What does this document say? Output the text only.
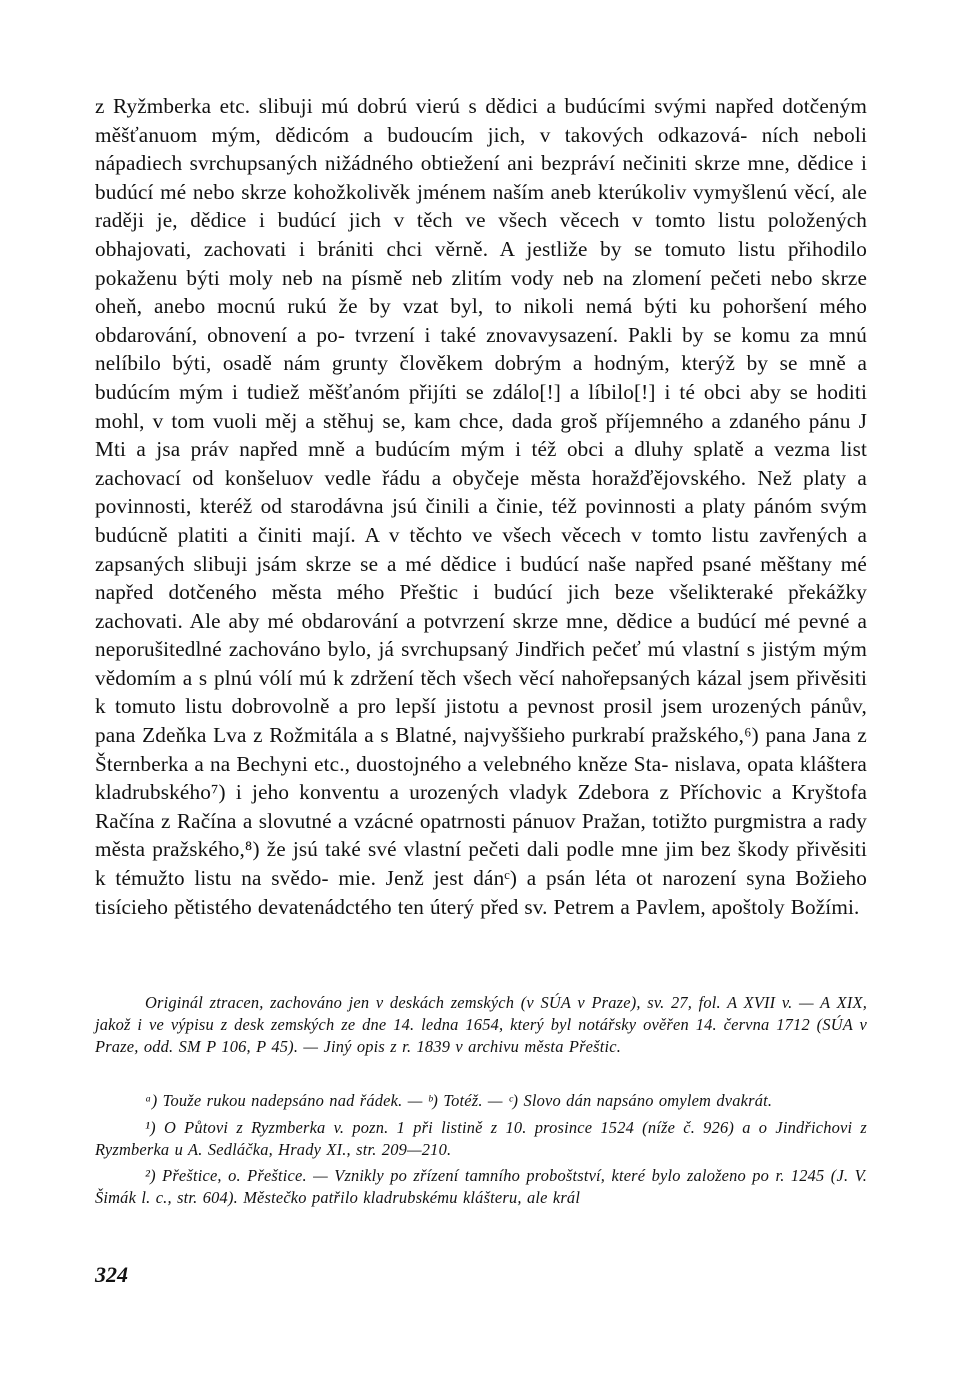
z Ryžmberka etc. slibuji mú dobrú vierú s dědici a budúcími svými napřed dotčeným měšťanuom mým, dědicóm a budoucím jich, v takových odkazová- ních neboli nápadiech svrchupsaných nižádného obtiežení ani bezpráví nečiniti skrze mne, dědice i budúcí mé nebo skrze kohožkolivěk jménem naším aneb kterúkoliv vymyšlenú věcí, ale raději je, dědice i budúcí jich v těch ve všech věcech v tomto listu položených obhajovati, zachovati i brániti chci věrně. A jestliže by se tomuto listu přihodilo pokaženu býti moly neb na písmě neb zlitím vody neb na zlomení pečeti nebo skrze oheň, anebo mocnú rukú že by vzat byl, to nikoli nemá býti ku pohoršení mého obdarování, obnovení a po- tvrzení i také znovavysazení. Pakli by se komu za mnú nelíbilo býti, osadě nám grunty člověkem dobrým a hodným, kterýž by se mně a budúcím mým i tudiež měšťanóm přijíti se zdálo[!] a líbilo[!] i té obci aby se hoditi mohl, v tom vuoli měj a stěhuj se, kam chce, dada groš příjemného a zdaného pánu J Mti a jsa práv napřed mně a budúcím mým i též obci a dluhy splatě a vezma list zachovací od konšeluov vedle řádu a obyčeje města horažďějovského. Než platy a povinnosti, kteréž od starodávna jsú činili a činie, též povinnosti a platy pánóm svým budúcně platiti a činiti mají. A v těchto ve všech věcech v tomto listu zavřených a zapsaných slibuji jsám skrze se a mé dědice i budúcí naše napřed psané měštany mé napřed dotčeného města mého Přeštic i budúcí jich beze všelikterаké překážky zachovati. Ale aby mé obdarování a potvrzení skrze mne, dědice a budúcí mé pevné a neporušitedlné zachováno bylo, já svrchupsaný Jindřich pečeť mú vlastní s jistým mým vědomím a s plnú vólí mú k zdržení těch všech věcí nahořepsaných kázal jsem přivěsiti k tomuto listu dobrovolně a pro lepší jistotu a pevnost prosil jsem urozených pánův, pana Zdeňka Lva z Rožmitála a s Blatné, najvyššieho purkrabí pražského,⁶) pana Jana z Šternberka a na Bechyni etc., duostojného a velebného kněze Sta- nislava, opata kláštera kladrubského⁷) i jeho konventu a urozených vladyk Zdebora z Příchovic a Kryštofa Račína z Račína a slovutné a vzácné opatrnosti pánuov Pražan, totižto purgmistra a rady města pražského,⁸) že jsú také své vlastní pečeti dali podle mne jim bez škody přivěsiti k témužto listu na svědo- mie. Jenž jest dánᶜ) a psán léta ot narození syna Božieho tisícieho pětistého devatenádctého ten úterý před sv. Petrem a Pavlem, apoštoly Božími.

Originál ztracen, zachováno jen v deskách zemských (v SÚA v Praze), sv. 27, fol. A XVII v. — A XIX, jakož i ve výpisu z desk zemských ze dne 14. ledna 1654, který byl notářsky ověřen 14. června 1712 (SÚA v Praze, odd. SM P 106, P 45). — Jiný opis z r. 1839 v archivu města Přeštic.

ᵃ) Touže rukou nadepsáno nad řádek. — ᵇ) Totéž. — ᶜ) Slovo dán napsáno omylem dvakrát.

¹) O Půtovi z Ryzmberka v. pozn. 1 při listině z 10. prosince 1524 (níže č. 926) a o Jindřichovi z Ryzmberka u A. Sedláčka, Hrady XI., str. 209—210.

²) Přeštice, o. Přeštice. — Vznikly po zřízení tamního proboštství, které bylo založeno po r. 1245 (J. V. Šimák l. c., str. 604). Městečko patřilo kladrubskému klášteru, ale král

324
